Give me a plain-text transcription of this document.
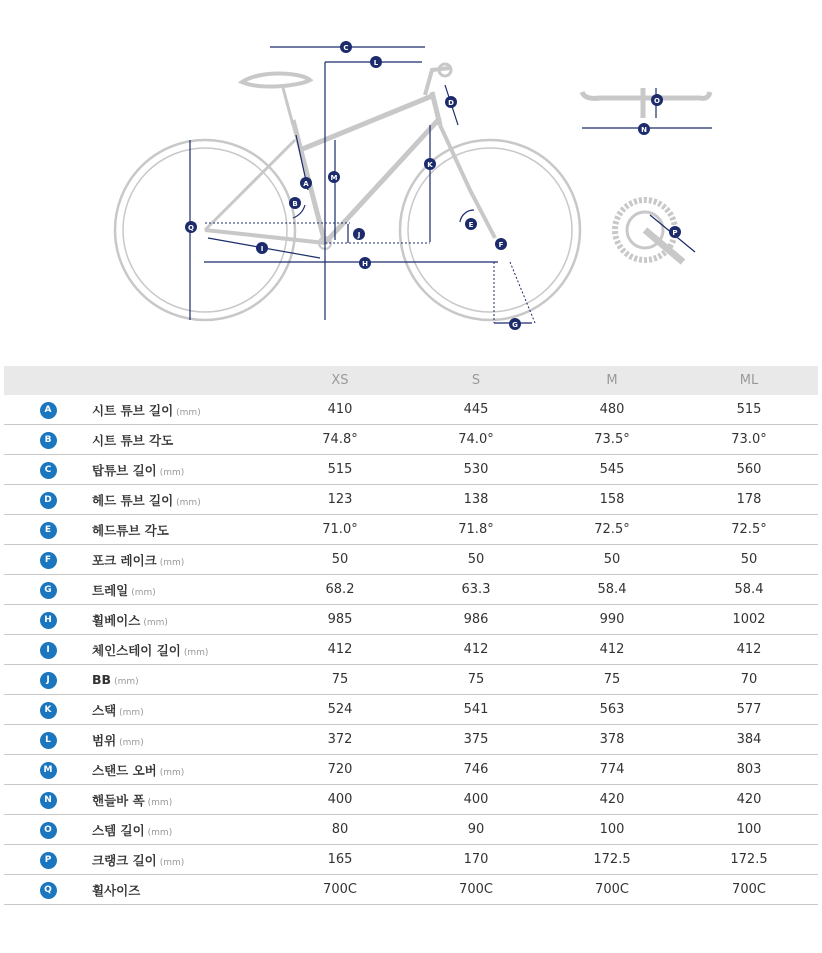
A
B
C
D
E
F
G
H
I
J
K
L
M
N
O
P
Q
		XS	S	M	ML
A	시트 튜브 길이 (mm)	410	445	480	515
B	시트 튜브 각도	74.8°	74.0°	73.5°	73.0°
C	탑튜브 길이 (mm)	515	530	545	560
D	헤드 튜브 길이 (mm)	123	138	158	178
E	헤드튜브 각도	71.0°	71.8°	72.5°	72.5°
F	포크 레이크 (mm)	50	50	50	50
G	트레일 (mm)	68.2	63.3	58.4	58.4
H	휠베이스 (mm)	985	986	990	1002
I	체인스테이 길이 (mm)	412	412	412	412
J	BB (mm)	75	75	75	70
K	스택 (mm)	524	541	563	577
L	범위 (mm)	372	375	378	384
M	스탠드 오버 (mm)	720	746	774	803
N	핸들바 폭 (mm)	400	400	420	420
O	스템 길이 (mm)	80	90	100	100
P	크랭크 길이 (mm)	165	170	172.5	172.5
Q	휠사이즈	700C	700C	700C	700C
